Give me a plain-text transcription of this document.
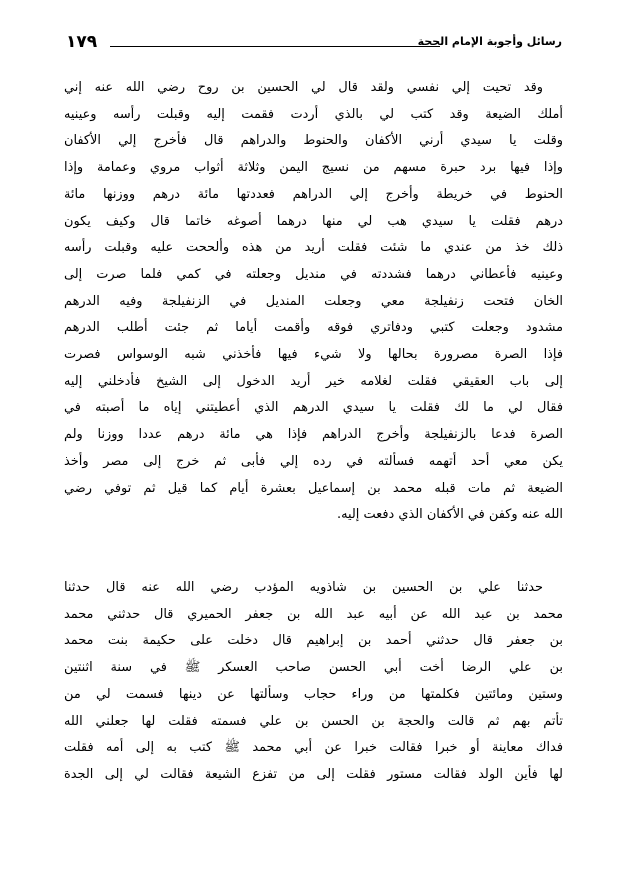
رسائل وأجوبة الإمام الحجة
١٧٩
وقد تحيت إلي نفسي ولقد قال لي الحسين بن روح رضي الله عنه إني
أملك الضيعة وقد كتب لي بالذي أردت فقمت إليه وقبلت رأسه وعينيه
وقلت يا سيدي أرني الأكفان والحنوط والدراهم قال فأخرج إلي الأكفان
وإذا فيها برد حبرة مسهم من نسيج اليمن وثلاثة أثواب مروي وعمامة وإذا
الحنوط في خريطة وأخرج إلي الدراهم فعددتها مائة درهم ووزنها مائة
درهم فقلت يا سيدي هب لي منها درهما أصوغه خاتما قال وكيف يكون
ذلك خذ من عندي ما شئت فقلت أريد من هذه وألححت عليه وقبلت رأسه
وعينيه فأعطاني درهما فشددته في منديل وجعلته في كمي فلما صرت إلى
الخان فتحت زنفيلجة معي وجعلت المنديل في الزنفيلجة وفيه الدرهم
مشدود وجعلت كتبي ودفاتري فوقه وأقمت أياما ثم جئت أطلب الدرهم
فإذا الصرة مصرورة بحالها ولا شيء فيها فأخذني شبه الوسواس فصرت
إلى باب العقيقي فقلت لغلامه خير أريد الدخول إلى الشيخ فأدخلني إليه
فقال لي ما لك فقلت يا سيدي الدرهم الذي أعطيتني إياه ما أصبته في
الصرة فدعا بالزنفيلجة وأخرج الدراهم فإذا هي مائة درهم عددا ووزنا ولم
يكن معي أحد أتهمه فسألته في رده إلي فأبى ثم خرج إلى مصر وأخذ
الضيعة ثم مات قبله محمد بن إسماعيل بعشرة أيام كما قيل ثم توفي رضي
الله عنه وكفن في الأكفان الذي دفعت إليه.
حدثنا علي بن الحسين بن شاذويه المؤدب رضي الله عنه قال حدثنا
محمد بن عبد الله عن أبيه عبد الله بن جعفر الحميري قال حدثني محمد
بن جعفر قال حدثني أحمد بن إبراهيم قال دخلت على حكيمة بنت محمد
بن علي الرضا أخت أبي الحسن صاحب العسكر ﷺ في سنة اثنتين
وستين ومائتين فكلمتها من وراء حجاب وسألتها عن دينها فسمت لي من
تأتم بهم ثم قالت والحجة بن الحسن بن علي فسمته فقلت لها جعلني الله
فداك معاينة أو خبرا فقالت خبرا عن أبي محمد ﷺ كتب به إلى أمه فقلت
لها فأين الولد فقالت مستور فقلت إلى من تفزع الشيعة فقالت لي إلى الجدة
